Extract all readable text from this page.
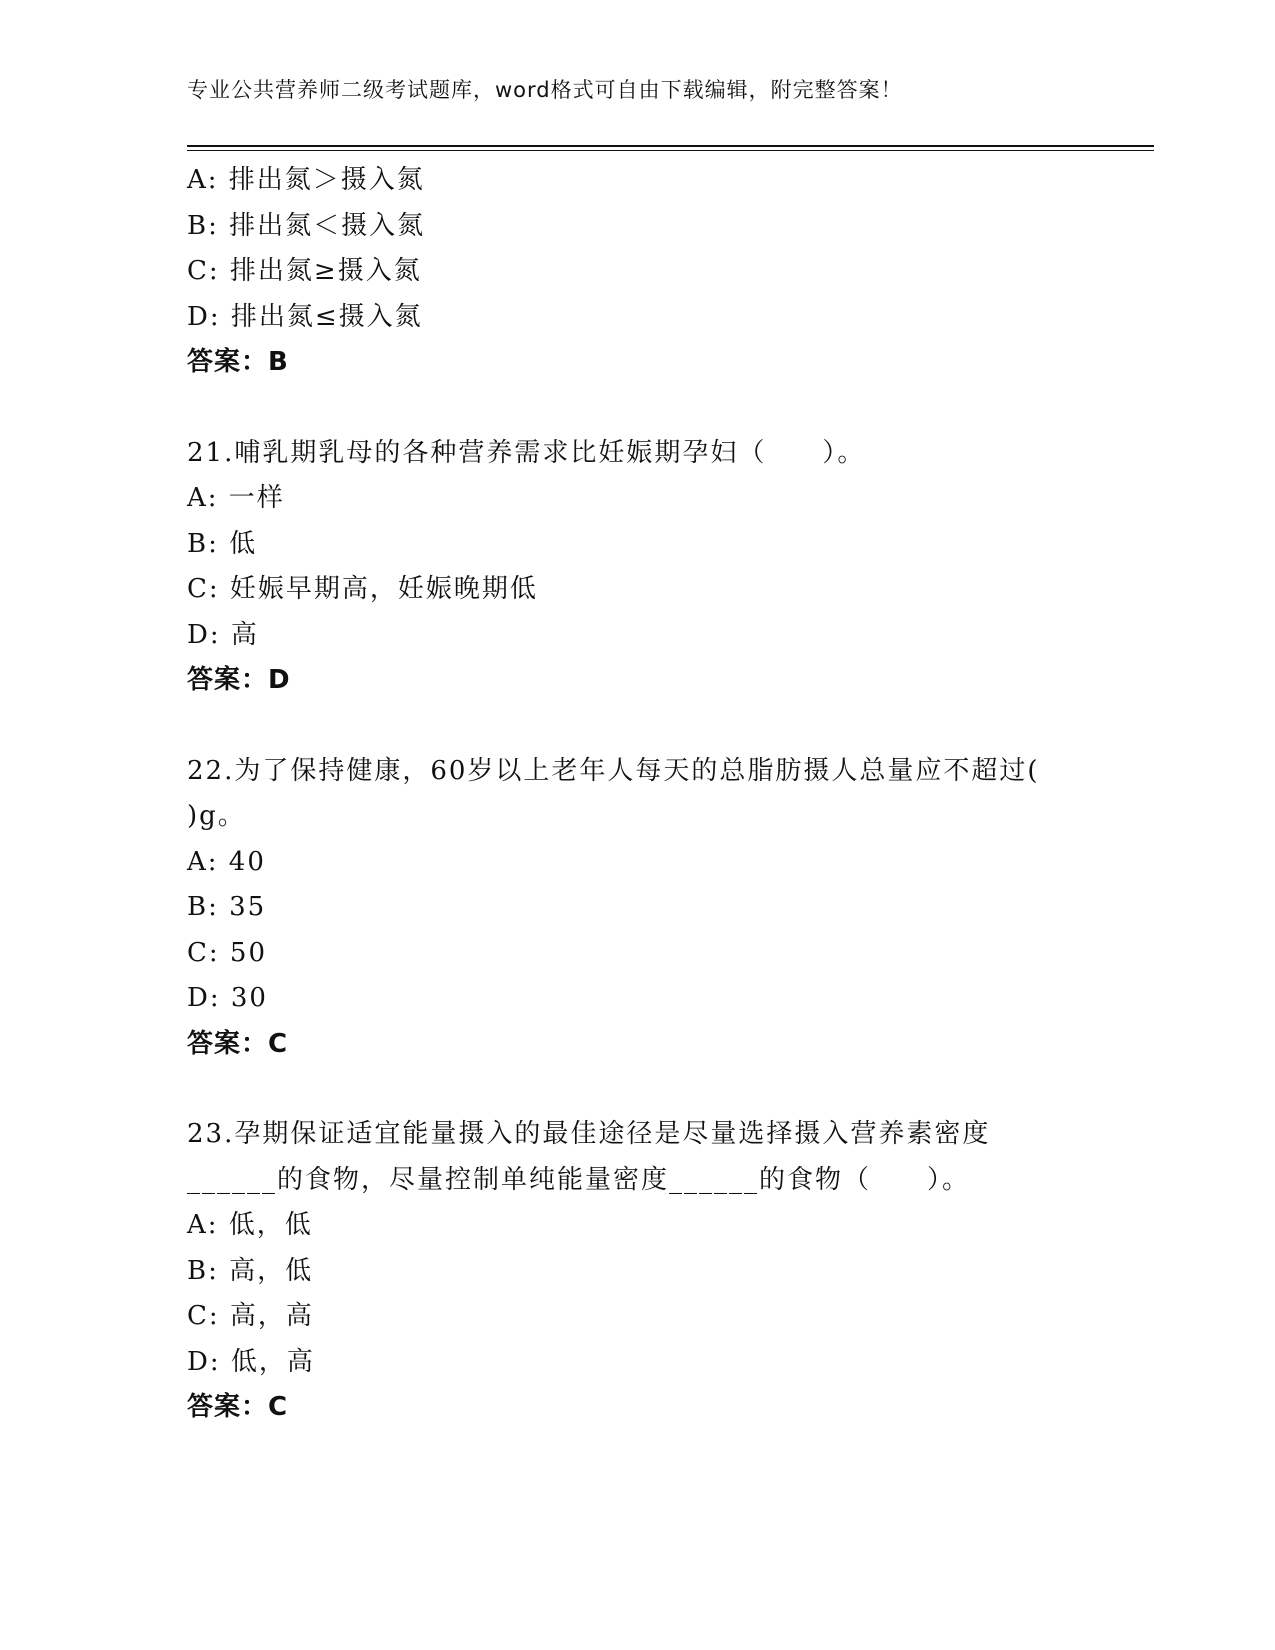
专业公共营养师二级考试题库，word格式可自由下载编辑，附完整答案！
A: 排出氮＞摄入氮
B: 排出氮＜摄入氮
C: 排出氮≥摄入氮
D: 排出氮≤摄入氮
答案：B
21.哺乳期乳母的各种营养需求比妊娠期孕妇（　　）。
A: 一样
B: 低
C: 妊娠早期高，妊娠晚期低
D: 高
答案：D
22.为了保持健康，60岁以上老年人每天的总脂肪摄人总量应不超过(
)g。
A: 40
B: 35
C: 50
D: 30
答案：C
23.孕期保证适宜能量摄入的最佳途径是尽量选择摄入营养素密度
______的食物，尽量控制单纯能量密度______的食物（　　）。
A: 低，低
B: 高，低
C: 高，高
D: 低，高
答案：C
